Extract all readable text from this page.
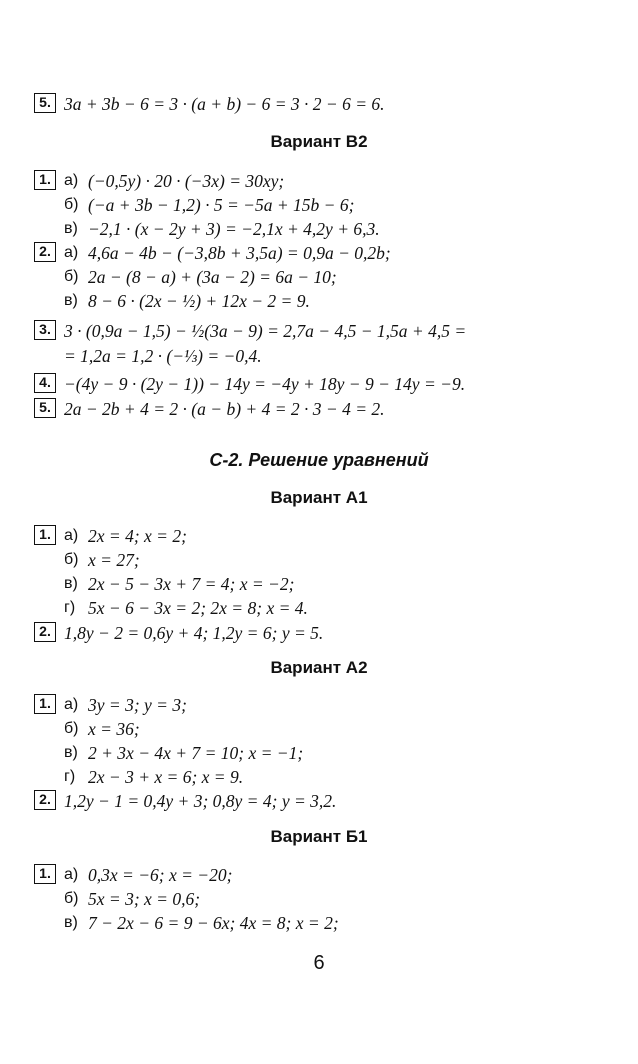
5. 3a + 3b − 6 = 3 · (a + b) − 6 = 3 · 2 − 6 = 6.
Вариант В2
1. а) (−0,5y) · 20 · (−3x) = 30xy;
б) (−a + 3b − 1,2) · 5 = −5a + 15b − 6;
в) −2,1 · (x − 2y + 3) = −2,1x + 4,2y + 6,3.
2. а) 4,6a − 4b − (−3,8b + 3,5a) = 0,9a − 0,2b;
б) 2a − (8 − a) + (3a − 2) = 6a − 10;
в) 8 − 6 · (2x − ½) + 12x − 2 = 9.
3. 3 · (0,9a − 1,5) − ½(3a − 9) = 2,7a − 4,5 − 1,5a + 4,5 =
= 1,2a = 1,2 · (−⅓) = −0,4.
4. −(4y − 9 · (2y − 1)) − 14y = −4y + 18y − 9 − 14y = −9.
5. 2a − 2b + 4 = 2 · (a − b) + 4 = 2 · 3 − 4 = 2.
С-2. Решение уравнений
Вариант А1
1. а) 2x = 4; x = 2;
б) x = 27;
в) 2x − 5 − 3x + 7 = 4; x = −2;
г) 5x − 6 − 3x = 2; 2x = 8; x = 4.
2. 1,8y − 2 = 0,6y + 4; 1,2y = 6; y = 5.
Вариант А2
1. а) 3y = 3; y = 3;
б) x = 36;
в) 2 + 3x − 4x + 7 = 10; x = −1;
г) 2x − 3 + x = 6; x = 9.
2. 1,2y − 1 = 0,4y + 3; 0,8y = 4; y = 3,2.
Вариант Б1
1. а) 0,3x = −6; x = −20;
б) 5x = 3; x = 0,6;
в) 7 − 2x − 6 = 9 − 6x; 4x = 8; x = 2;
6
